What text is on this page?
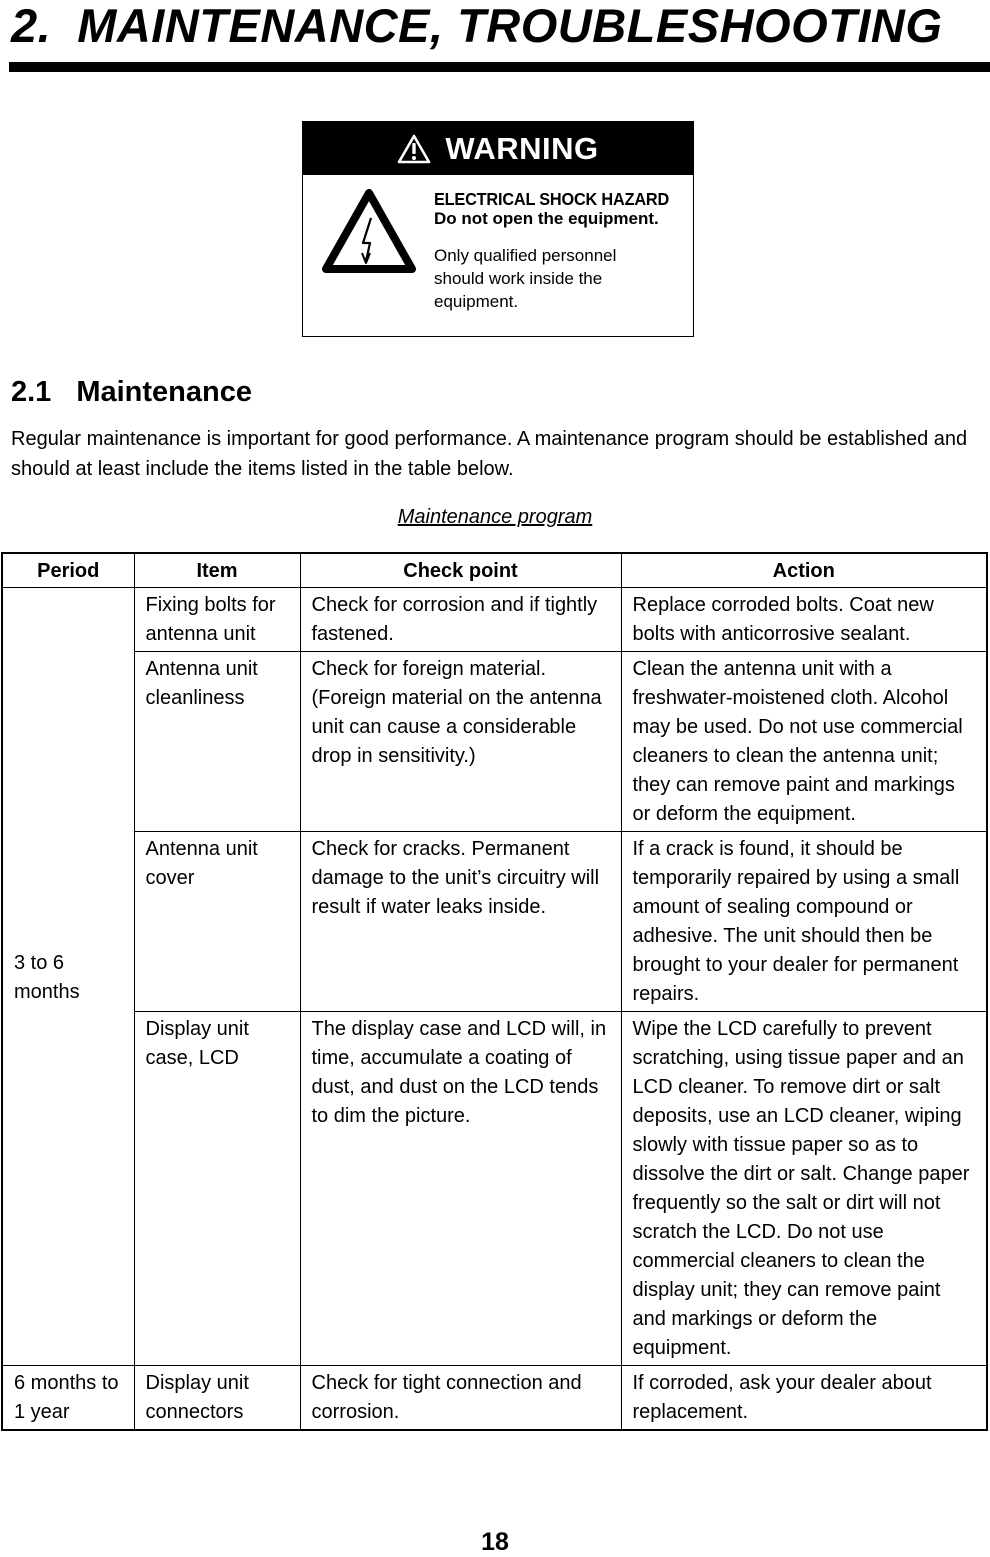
2. MAINTENANCE, TROUBLESHOOTING
WARNING
ELECTRICAL SHOCK HAZARD
Do not open the equipment.
Only qualified personnel should work inside the equipment.
2.1 Maintenance

Regular maintenance is important for good performance. A maintenance program should be established and should at least include the items listed in the table below.

Maintenance program
Period	Item	Check point	Action
3 to 6 months	Fixing bolts for antenna unit	Check for corrosion and if tightly fastened.	Replace corroded bolts. Coat new bolts with anticorrosive sealant.
	Antenna unit cleanliness	Check for foreign material. (Foreign material on the antenna unit can cause a considerable drop in sensitivity.)	Clean the antenna unit with a freshwater-moistened cloth. Alcohol may be used. Do not use commercial cleaners to clean the antenna unit; they can remove paint and markings or deform the equipment.
	Antenna unit cover	Check for cracks. Permanent damage to the unit’s circuitry will result if water leaks inside.	If a crack is found, it should be temporarily repaired by using a small amount of sealing compound or adhesive. The unit should then be brought to your dealer for permanent repairs.
	Display unit case, LCD	The display case and LCD will, in time, accumulate a coating of dust, and dust on the LCD tends to dim the picture.	Wipe the LCD carefully to prevent scratching, using tissue paper and an LCD cleaner. To remove dirt or salt deposits, use an LCD cleaner, wiping slowly with tissue paper so as to dissolve the dirt or salt. Change paper frequently so the salt or dirt will not scratch the LCD. Do not use commercial cleaners to clean the display unit; they can remove paint and markings or deform the equipment.
6 months to 1 year	Display unit connectors	Check for tight connection and corrosion.	If corroded, ask your dealer about replacement.
18
